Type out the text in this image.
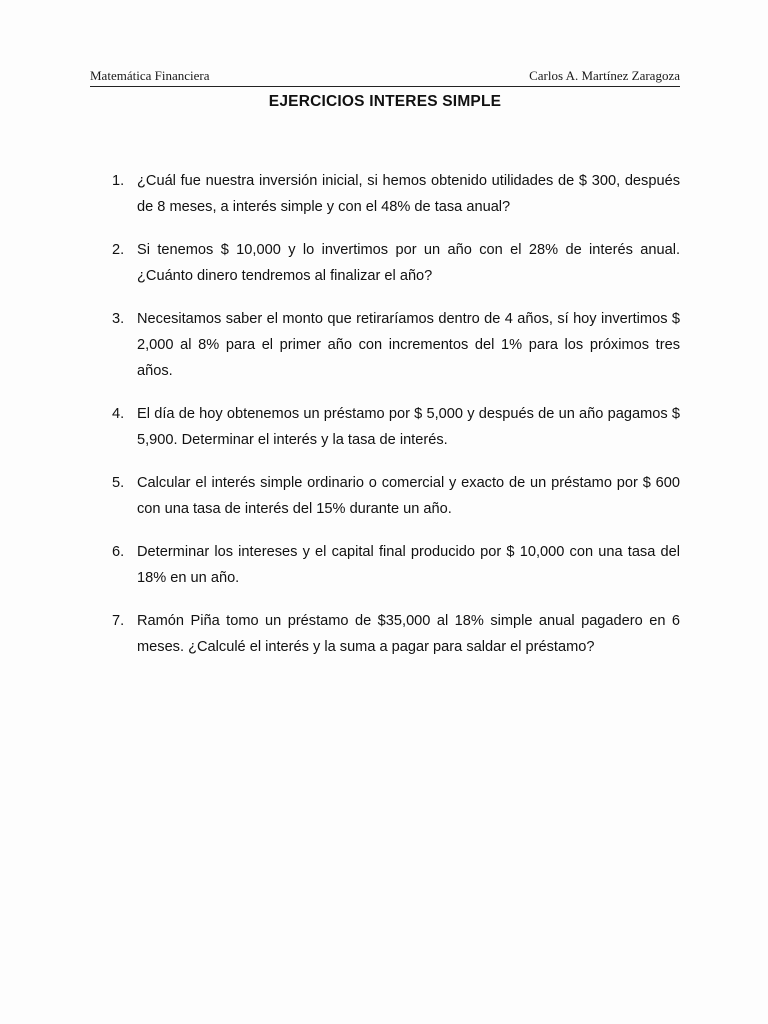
Matemática Financiera	Carlos A. Martínez Zaragoza
EJERCICIOS INTERES SIMPLE
1. ¿Cuál fue nuestra inversión inicial, si hemos obtenido utilidades de $ 300, después de 8 meses, a interés simple y con el 48% de tasa anual?
2. Si tenemos $ 10,000 y lo invertimos por un año con el 28% de interés anual. ¿Cuánto dinero tendremos al finalizar el año?
3. Necesitamos saber el monto que retiraríamos dentro de 4 años, sí hoy invertimos $ 2,000 al 8% para el primer año con incrementos del 1% para los próximos tres años.
4. El día de hoy obtenemos un préstamo por $ 5,000 y después de un año pagamos $ 5,900. Determinar el interés y la tasa de interés.
5. Calcular el interés simple ordinario o comercial y exacto de un préstamo por $ 600 con una tasa de interés del 15% durante un año.
6. Determinar los intereses y el capital final producido por $ 10,000 con una tasa del 18% en un año.
7. Ramón Piña tomo un préstamo de $35,000 al 18% simple anual pagadero en 6 meses. ¿Calculé el interés y la suma a pagar para saldar el préstamo?
